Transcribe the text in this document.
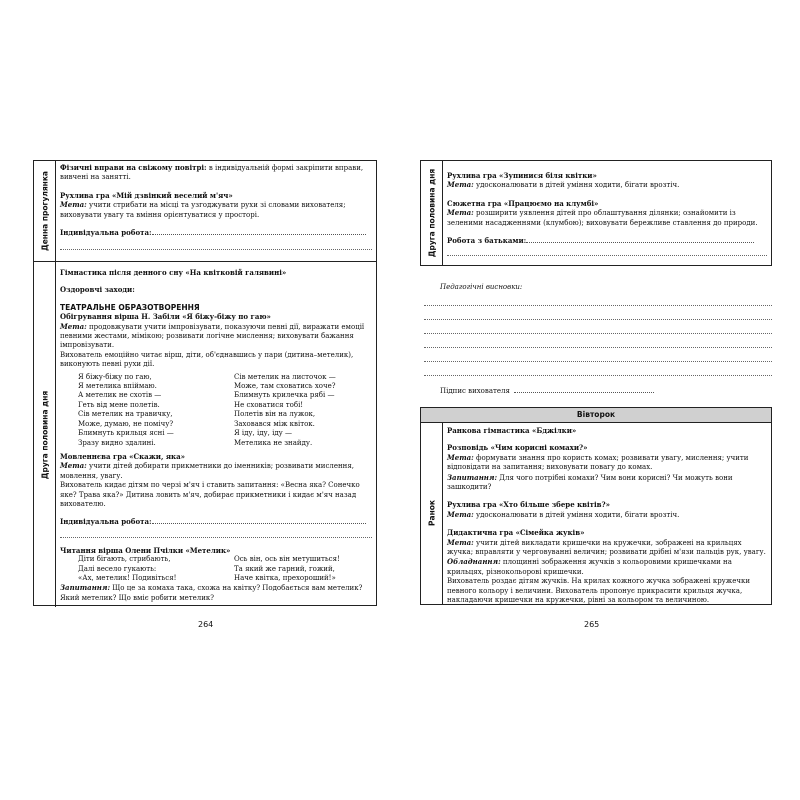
Денна прогулянка

Фізичні вправи на свіжому повітрі: в індивідуальній формі закріпити вправи, вивчені на занятті.

Рухлива гра «Мій дзвінкий веселий м'яч»

Мета: учити стрибати на місці та узгоджувати рухи зі словами вихователя; виховувати увагу та вміння орієнтуватися у просторі.

Індивідуальна робота:

Друга половина дня

Гімнастика після денного сну «На квітковій галявині»

Оздоровчі заходи:

ТЕАТРАЛЬНЕ ОБРАЗОТВОРЕННЯ

Обігрування вірша Н. Забіли «Я біжу-біжу по гаю»

Мета: продовжувати учити імпровізувати, показуючи певні дії, виражати емоції певними жестами, мімікою; розвивати логічне мислення; виховувати бажання імпровізувати.

Вихователь емоційно читає вірш, діти, об'єднавшись у пари (дитина–метелик), виконують певні рухи дії.

Я біжу-біжу по гаю,

Я метелика впіймаю.

А метелик не схотів —

Геть від мене полетів.

Сів метелик на травичку,

Може, думаю, не помічу?

Блимнуть крильця ясні —

Зразу видно здалині.

Сів метелик на листочок —

Може, там сховатись хоче?

Блимнуть крилечка рябі —

Не сховатися тобі!

Полетів він на лужок,

Заховався між квіток.

Я іду, іду, іду —

Метелика не знайду.

Мовленнєва гра «Скажи, яка»

Мета: учити дітей добирати прикметники до іменників; розвивати мислення, мовлення, увагу.

Вихователь кидає дітям по черзі м'яч і ставить запитання: «Весна яка? Сонечко яке? Трава яка?» Дитина ловить м'яч, добирає прикметники і кидає м'яч назад вихователю.

Індивідуальна робота:

Читання вірша Олени Пчілки «Метелик»

Діти бігають, стрибають,

Далі весело гукають:

«Ах, метелик! Подивіться!

Ось він, ось він метушиться!

Та який же гарний, гожий,

Наче квітка, прехороший!»

Запитання: Що це за комаха така, схожа на квітку? Подобається вам метелик? Який метелик? Що вміє робити метелик?

264
Друга половина дня Рухлива гра «Зупинися біля квітки»

Мета: удосконалювати в дітей уміння ходити, бігати врозтіч.

Сюжетна гра «Працюємо на клумбі»

Мета: розширити уявлення дітей про облаштування ділянки; ознайомити із зеленими насадженнями (клумбою); виховувати бережливе ставлення до природи.

Робота з батьками:

Педагогічні висновки:

Підпис вихователя

Вівторок
Ранок

Ранкова гімнастика «Бджілки»

Розповідь «Чим корисні комахи?»

Мета: формувати знання про користь комах; розвивати увагу, мислення; учити відповідати на запитання; виховувати повагу до комах.

Запитання: Для чого потрібні комахи? Чим вони корисні? Чи можуть вони зашкодити?

Рухлива гра «Хто більше збере квітів?»

Мета: удосконалювати в дітей уміння ходити, бігати врозтіч.

Дидактична гра «Сімейка жуків»

Мета: учити дітей викладати кришечки на кружечки, зображені на крильцях жучка; вправляти у черговуванні величин; розвивати дрібні м'язи пальців рук, увагу.

Обладнання: площинні зображення жучків з кольоровими кришечками на крильцях, різнокольорові кришечки.

Вихователь роздає дітям жучків. На крилах кожного жучка зображені кружечки певного кольору і величини. Вихователь пропонує прикрасити крильця жучка, накладаючи кришечки на кружечки, рівні за кольором та величиною.

265
